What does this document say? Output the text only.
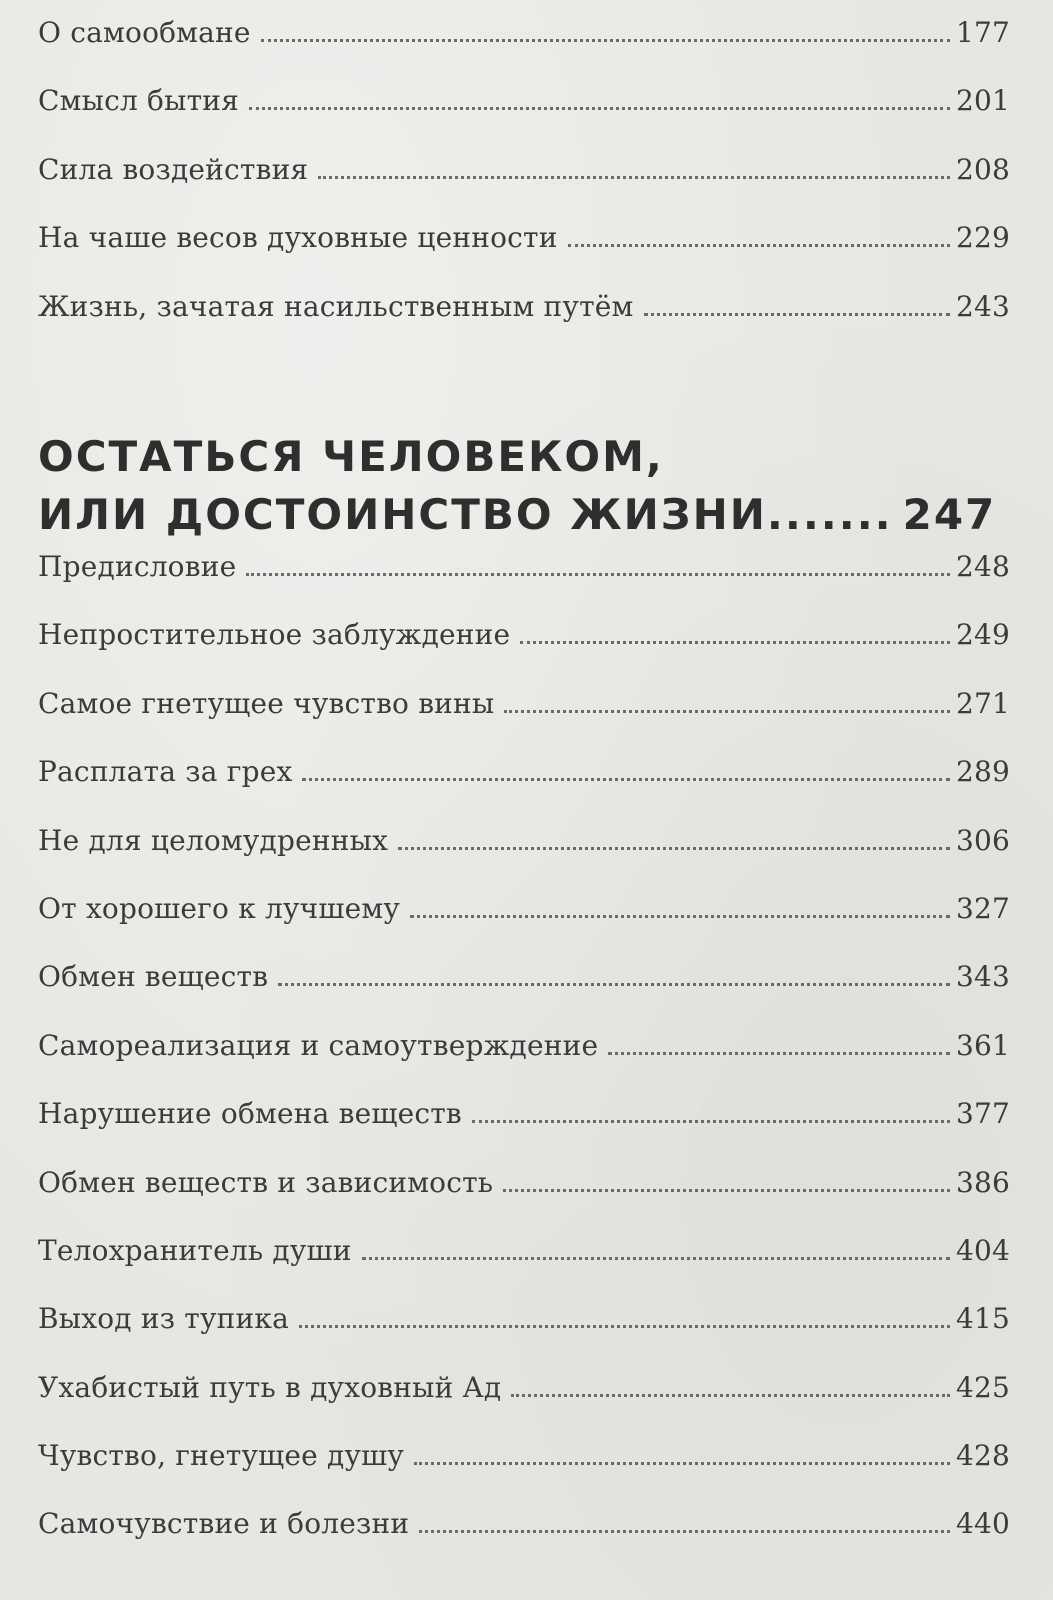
О самообмане	177
Смысл бытия	201
Сила воздействия	208
На чаше весов духовные ценности	229
Жизнь, зачатая насильственным путём	243
ОСТАТЬСЯ ЧЕЛОВЕКОМ,
ИЛИ ДОСТОИНСТВО ЖИЗНИ ....... 247
Предисловие	248
Непростительное заблуждение	249
Самое гнетущее чувство вины	271
Расплата за грех	289
Не для целомудренных	306
От хорошего к лучшему	327
Обмен веществ	343
Самореализация и самоутверждение	361
Нарушение обмена веществ	377
Обмен веществ и зависимость	386
Телохранитель души	404
Выход из тупика	415
Ухабистый путь в духовный Ад	425
Чувство, гнетущее душу	428
Самочувствие и болезни	440
